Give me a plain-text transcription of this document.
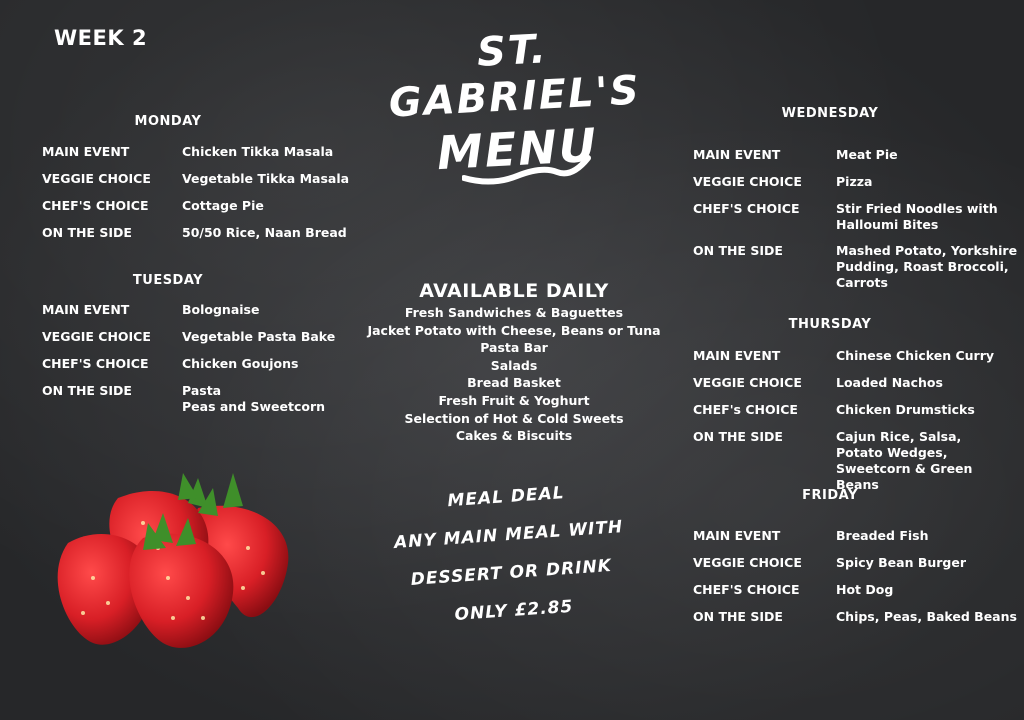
WEEK 2	ST. GABRIEL'S
MENU
MONDAY
MAIN EVENT	Chicken Tikka Masala
VEGGIE CHOICE Vegetable Tikka Masala
CHEF'S CHOICE	Cottage Pie
ON THE SIDE	50/50 Rice, Naan Bread
TUESDAY
MAIN EVENT	Bolognaise
VEGGIE CHOICE Vegetable Pasta Bake
CHEF'S CHOICE	Chicken Goujons
ON THE SIDE	Pasta
Peas and Sweetcorn
AVAILABLE DAILY
Fresh Sandwiches & Baguettes
Jacket Potato with Cheese, Beans or Tuna
Pasta Bar
Salads
Bread Basket
Fresh Fruit & Yoghurt
Selection of Hot & Cold Sweets
Cakes & Biscuits
MEAL DEAL
ANY MAIN MEAL WITH
DESSERT OR DRINK
ONLY £2.85
WEDNESDAY
MAIN EVENT	Meat Pie
VEGGIE CHOICE	Pizza
CHEF'S CHOICE	Stir Fried Noodles with
Halloumi Bites
ON THE SIDE	Mashed Potato, Yorkshire
Pudding, Roast Broccoli,
Carrots
THURSDAY
MAIN EVENT	Chinese Chicken Curry
VEGGIE CHOICE	Loaded Nachos
CHEF's CHOICE	Chicken Drumsticks
ON THE SIDE	Cajun Rice, Salsa,
Potato Wedges,
Sweetcorn & Green Beans
FRIDAY
MAIN EVENT	Breaded Fish
VEGGIE CHOICE	Spicy Bean Burger
CHEF'S CHOICE	Hot Dog
ON THE SIDE	Chips, Peas, Baked Beans
